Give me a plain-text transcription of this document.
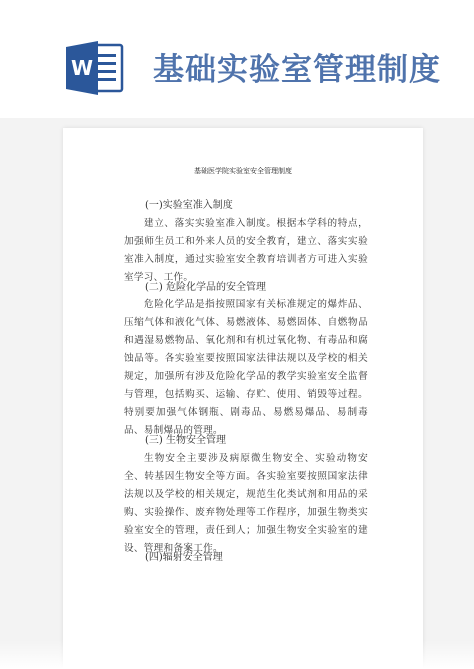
W 基础实验室管理制度
基础医学院实验室安全管理制度
(一)实验室准入制度
建立、落实实验室准入制度。根据本学科的特点，加强师生员工和外来人员的安全教育，建立、落实实验室准入制度，通过实验室安全教育培训者方可进入实验室学习、工作。
(二) 危险化学品的安全管理
危险化学品是指按照国家有关标准规定的爆炸品、压缩气体和液化气体、易燃液体、易燃固体、自燃物品和遇湿易燃物品、氧化剂和有机过氧化物、有毒品和腐蚀品等。各实验室要按照国家法律法规以及学校的相关规定，加强所有涉及危险化学品的教学实验室安全监督与管理，包括购买、运输、存贮、使用、销毁等过程。特别要加强气体钢瓶、剧毒品、易燃易爆品、易制毒品、易制爆品的管理。
(三) 生物安全管理
生物安全主要涉及病原微生物安全、实验动物安全、转基因生物安全等方面。各实验室要按照国家法律法规以及学校的相关规定，规范生化类试剂和用品的采购、实验操作、废弃物处理等工作程序，加强生物类实验室安全的管理，责任到人；加强生物安全实验室的建设、管理和备案工作。
(四)辐射安全管理
